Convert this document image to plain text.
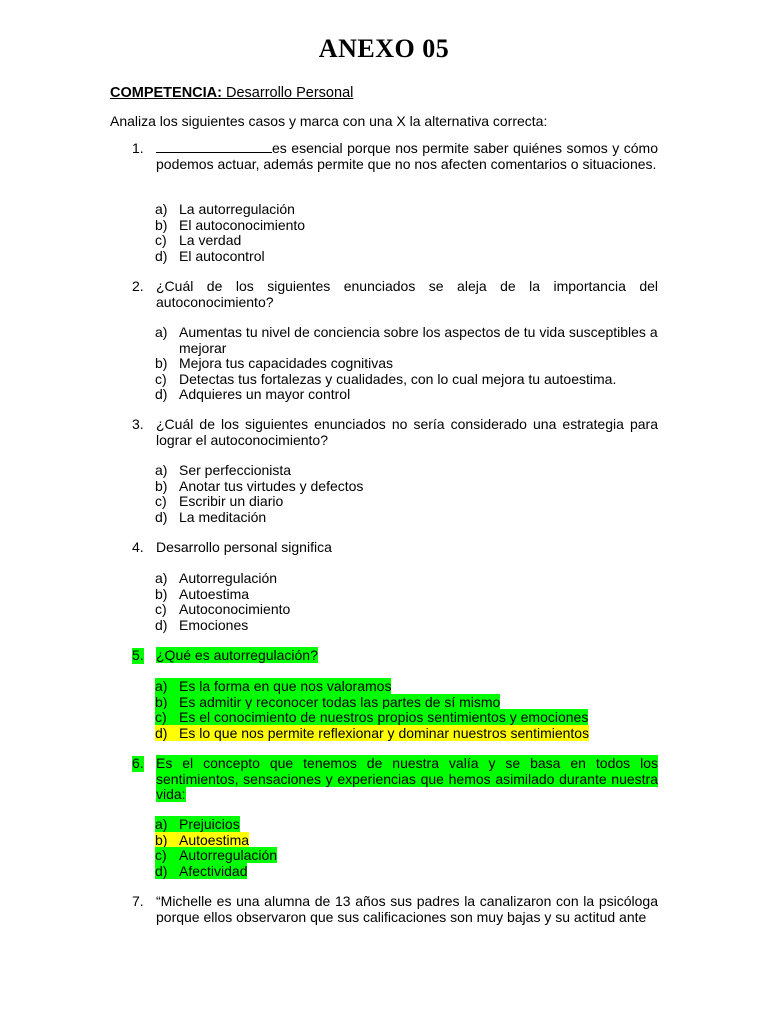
ANEXO 05
COMPETENCIA: Desarrollo Personal
Analiza los siguientes casos y marca con una X la alternativa correcta:
1.	es esencial porque nos permite saber quiénes somos y cómo podemos actuar, además permite que no nos afecten comentarios o situaciones.
a) La autorregulación
b) El autoconocimiento
c) La verdad
d) El autocontrol
2. ¿Cuál de los siguientes enunciados se aleja de la importancia del autoconocimiento?
a) Aumentas tu nivel de conciencia sobre los aspectos de tu vida susceptibles a mejorar
b) Mejora tus capacidades cognitivas
c) Detectas tus fortalezas y cualidades, con lo cual mejora tu autoestima.
d) Adquieres un mayor control
3. ¿Cuál de los siguientes enunciados no sería considerado una estrategia para lograr el autoconocimiento?
a) Ser perfeccionista
b) Anotar tus virtudes y defectos
c) Escribir un diario
d) La meditación
4. Desarrollo personal significa
a) Autorregulación
b) Autoestima
c) Autoconocimiento
d) Emociones
5. ¿Qué es autorregulación?
a) Es la forma en que nos valoramos
b) Es admitir y reconocer todas las partes de sí mismo
c) Es el conocimiento de nuestros propios sentimientos y emociones
d) Es lo que nos permite reflexionar y dominar nuestros sentimientos
6. Es el concepto que tenemos de nuestra valía y se basa en todos los sentimientos, sensaciones y experiencias que hemos asimilado durante nuestra vida:
a) Prejuicios
b) Autoestima
c) Autorregulación
d) Afectividad
7. “Michelle es una alumna de 13 años sus padres la canalizaron con la psicóloga porque ellos observaron que sus calificaciones son muy bajas y su actitud ante
